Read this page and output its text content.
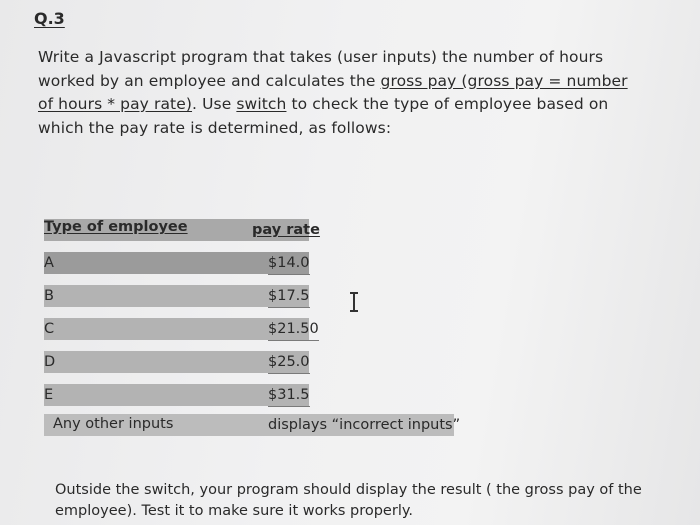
Q.3
Write a Javascript program that takes (user inputs) the number of hours worked by an employee and calculates the gross pay (gross pay = number of hours * pay rate). Use switch to check the type of employee based on which the pay rate is determined, as follows:
Type of employee	pay rate
A	$14.0
B	$17.5
C	$21.50
D	$25.0
E	$31.5
Any other inputs	displays “incorrect inputs”
Outside the switch, your program should display the result ( the gross pay of the employee). Test it to make sure it works properly.
